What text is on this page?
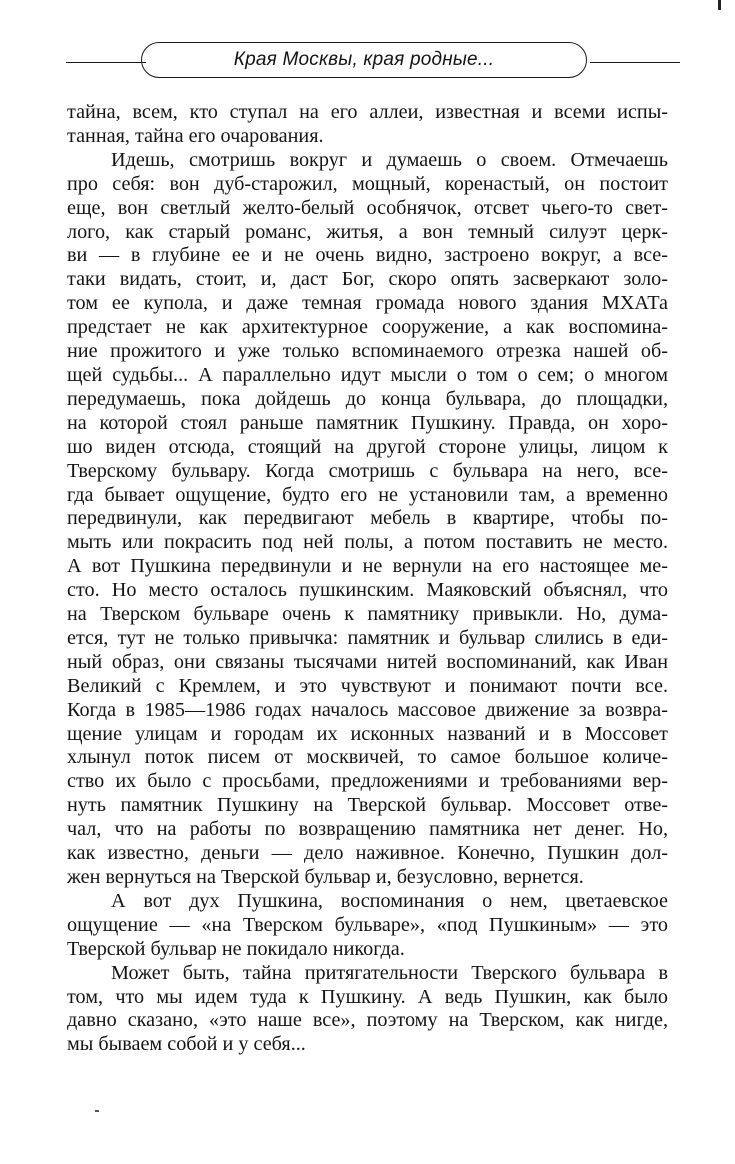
Края Москвы, края родные...
тайна, всем, кто ступал на его аллеи, известная и всеми испы-
танная, тайна его очарования.
Идешь, смотришь вокруг и думаешь о своем. Отмечаешь
про себя: вон дуб-старожил, мощный, коренастый, он постоит
еще, вон светлый желто-белый особнячок, отсвет чьего-то свет-
лого, как старый романс, житья, а вон темный силуэт церк-
ви — в глубине ее и не очень видно, застроено вокруг, а все-
таки видать, стоит, и, даст Бог, скоро опять засверкают золо-
том ее купола, и даже темная громада нового здания МХАТа
предстает не как архитектурное сооружение, а как воспомина-
ние прожитого и уже только вспоминаемого отрезка нашей об-
щей судьбы... А параллельно идут мысли о том о сем; о многом
передумаешь, пока дойдешь до конца бульвара, до площадки,
на которой стоял раньше памятник Пушкину. Правда, он хоро-
шо виден отсюда, стоящий на другой стороне улицы, лицом к
Тверскому бульвару. Когда смотришь с бульвара на него, все-
гда бывает ощущение, будто его не установили там, а временно
передвинули, как передвигают мебель в квартире, чтобы по-
мыть или покрасить под ней полы, а потом поставить не место.
А вот Пушкина передвинули и не вернули на его настоящее ме-
сто. Но место осталось пушкинским. Маяковский объяснял, что
на Тверском бульваре очень к памятнику привыкли. Но, дума-
ется, тут не только привычка: памятник и бульвар слились в еди-
ный образ, они связаны тысячами нитей воспоминаний, как Иван
Великий с Кремлем, и это чувствуют и понимают почти все.
Когда в 1985—1986 годах началось массовое движение за возвра-
щение улицам и городам их исконных названий и в Моссовет
хлынул поток писем от москвичей, то самое большое количе-
ство их было с просьбами, предложениями и требованиями вер-
нуть памятник Пушкину на Тверской бульвар. Моссовет отве-
чал, что на работы по возвращению памятника нет денег. Но,
как известно, деньги — дело наживное. Конечно, Пушкин дол-
жен вернуться на Тверской бульвар и, безусловно, вернется.
А вот дух Пушкина, воспоминания о нем, цветаевское
ощущение — «на Тверском бульваре», «под Пушкиным» — это
Тверской бульвар не покидало никогда.
Может быть, тайна притягательности Тверского бульвара в
том, что мы идем туда к Пушкину. А ведь Пушкин, как было
давно сказано, «это наше все», поэтому на Тверском, как нигде,
мы бываем собой и у себя...
